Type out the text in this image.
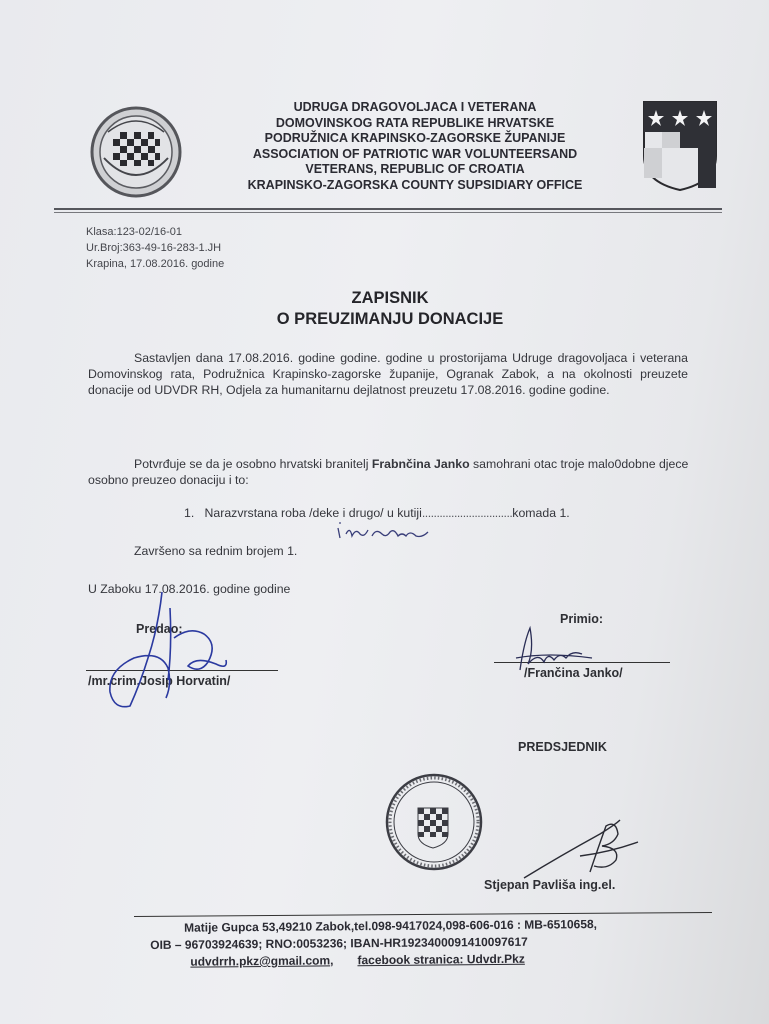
UDRUGA DRAGOVOLJACA I VETERANA
DOMOVINSKOG RATA REPUBLIKE HRVATSKE
PODRUŽNICA KRAPINSKO-ZAGORSKE ŽUPANIJE
ASSOCIATION OF PATRIOTIC WAR VOLUNTEERSAND
VETERANS, REPUBLIC OF CROATIA
KRAPINSKO-ZAGORSKA COUNTY SUPSIDIARY OFFICE
Klasa:123-02/16-01
Ur.Broj:363-49-16-283-1.JH
Krapina, 17.08.2016. godine
ZAPISNIK
O PREUZIMANJU DONACIJE
Sastavljen dana 17.08.2016. godine godine. godine u prostorijama Udruge dragovoljaca i veterana Domovinskog rata, Podružnica Krapinsko-zagorske županije, Ogranak Zabok, a na okolnosti preuzete donacije od UDVDR RH, Odjela za humanitarnu dejlatnost preuzetu 17.08.2016. godine godine.
Potvrđuje se da je osobno hrvatski branitelj Frabnčina Janko samohrani otac troje malo0dobne djece osobno preuzeo donaciju i to:
1. Narazvrstana roba /deke i drugo/ u kutiji...............................komada 1.
Završeno sa rednim brojem 1.
U Zaboku 17.08.2016. godine godine
Predao:
Primio:
/mr.crim.Josip Horvatin/
/Frančina Janko/
PREDSJEDNIK
Stjepan Pavliša ing.el.
Matije Gupca 53,49210 Zabok,tel.098-9417024,098-606-016 : MB-6510658,
OIB – 96703924639; RNO:0053236; IBAN-HR1923400091410097617
udvdrrh.pkz@gmail.com, facebook stranica: Udvdr.Pkz
